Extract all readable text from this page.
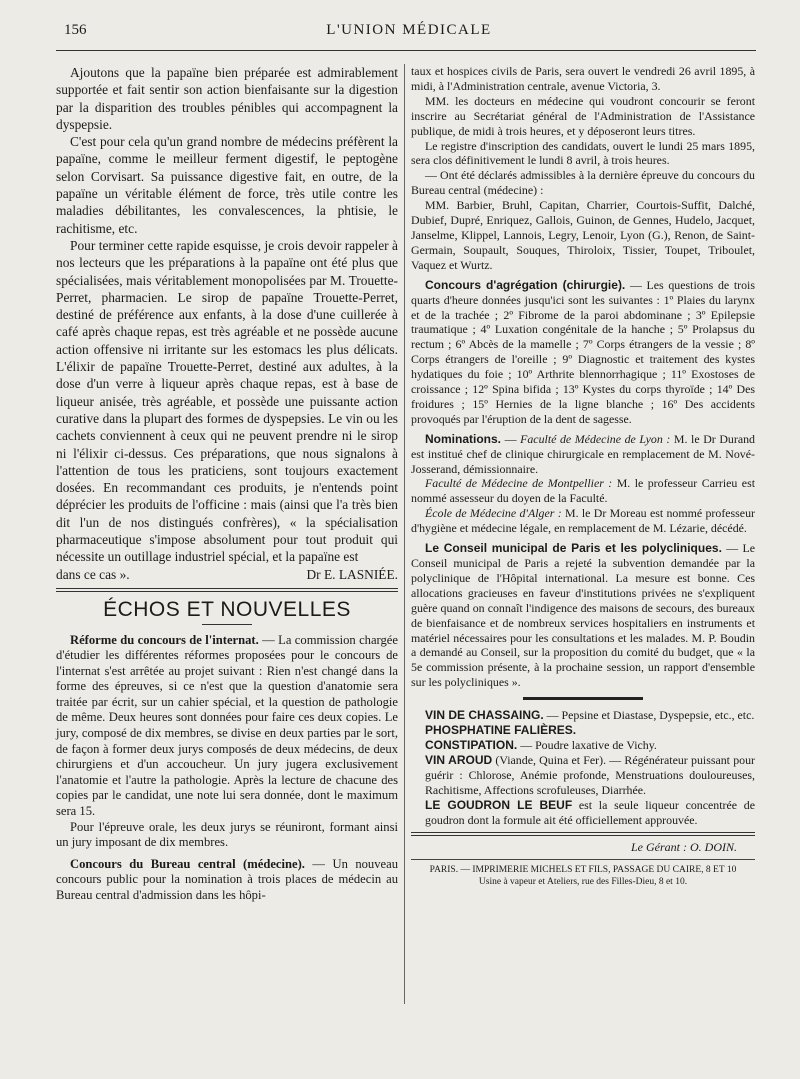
156	L'UNION MÉDICALE

Ajoutons que la papaïne bien préparée est admirablement supportée et fait sentir son action bienfaisante sur la digestion par la disparition des troubles pénibles qui accompagnent la dyspepsie.

C'est pour cela qu'un grand nombre de médecins préfèrent la papaïne, comme le meilleur ferment digestif, le peptogène selon Corvisart. Sa puissance digestive fait, en outre, de la papaïne un véritable élément de force, très utile contre les maladies débilitantes, les convalescences, la phtisie, le rachitisme, etc.

Pour terminer cette rapide esquisse, je crois devoir rappeler à nos lecteurs que les préparations à la papaïne ont été plus que spécialisées, mais véritablement monopolisées par M. Trouette-Perret, pharmacien. Le sirop de papaïne Trouette-Perret, destiné de préférence aux enfants, à la dose d'une cuillerée à café après chaque repas, est très agréable et ne possède aucune action offensive ni irritante sur les estomacs les plus délicats. L'élixir de papaïne Trouette-Perret, destiné aux adultes, à la dose d'un verre à liqueur après chaque repas, est à base de liqueur anisée, très agréable, et possède une puissante action curative dans la plupart des formes de dyspepsies. Le vin ou les cachets conviennent à ceux qui ne peuvent prendre ni le sirop ni l'élixir ci-dessus. Ces préparations, que nous signalons à l'attention de tous les praticiens, sont toujours exactement dosées. En recommandant ces produits, je n'entends point déprécier les produits de l'officine : mais (ainsi que l'a très bien dit l'un de nos distingués confrères), « la spécialisation pharmaceutique s'impose absolument pour tout produit qui nécessite un outillage industriel spécial, et la papaïne est

dans ce cas ».	Dr E. LASNIÉE.

ÉCHOS ET NOUVELLES

Réforme du concours de l'internat. — La commission chargée d'étudier les différentes réformes proposées pour le concours de l'internat s'est arrêtée au projet suivant : Rien n'est changé dans la forme des épreuves, si ce n'est que la question d'anatomie sera traitée par écrit, sur un cahier spécial, et la question de pathologie de même. Deux heures sont données pour faire ces deux copies. Le jury, composé de dix membres, se divise en deux parties par le sort, de façon à former deux jurys composés de deux médecins, de deux chirurgiens et d'un accoucheur. Un jury jugera exclusivement l'anatomie et l'autre la pathologie. Après la lecture de chacune des copies par le candidat, une note lui sera donnée, dont le maximum sera 15.

Pour l'épreuve orale, les deux jurys se réuniront, formant ainsi un jury imposant de dix membres.

Concours du Bureau central (médecine). — Un nouveau concours public pour la nomination à trois places de médecin au Bureau central d'admission dans les hôpi-

taux et hospices civils de Paris, sera ouvert le vendredi 26 avril 1895, à midi, à l'Administration centrale, avenue Victoria, 3.

MM. les docteurs en médecine qui voudront concourir se feront inscrire au Secrétariat général de l'Administration de l'Assistance publique, de midi à trois heures, et y déposeront leurs titres.

Le registre d'inscription des candidats, ouvert le lundi 25 mars 1895, sera clos définitivement le lundi 8 avril, à trois heures.

— Ont été déclarés admissibles à la dernière épreuve du concours du Bureau central (médecine) :

MM. Barbier, Bruhl, Capitan, Charrier, Courtois-Suffit, Dalché, Dubief, Dupré, Enriquez, Gallois, Guinon, de Gennes, Hudelo, Jacquet, Janselme, Klippel, Lannois, Legry, Lenoir, Lyon (G.), Renon, de Saint-Germain, Soupault, Souques, Thiroloix, Tissier, Toupet, Triboulet, Vaquez et Wurtz.

Concours d'agrégation (chirurgie). — Les questions de trois quarts d'heure données jusqu'ici sont les suivantes : 1º Plaies du larynx et de la trachée ; 2º Fibrome de la paroi abdominane ; 3º Epilepsie traumatique ; 4º Luxation congénitale de la hanche ; 5º Prolapsus du rectum ; 6º Abcès de la mamelle ; 7º Corps étrangers de la vessie ; 8º Corps étrangers de l'oreille ; 9º Diagnostic et traitement des kystes hydatiques du foie ; 10º Arthrite blennorrhagique ; 11º Exostoses de croissance ; 12º Spina bifida ; 13º Kystes du corps thyroïde ; 14º Des froidures ; 15º Hernies de la ligne blanche ; 16º Des accidents provoqués par l'éruption de la dent de sagesse.

Nominations. — Faculté de Médecine de Lyon : M. le Dr Durand est institué chef de clinique chirurgicale en remplacement de M. Nové-Josserand, démissionnaire.

Faculté de Médecine de Montpellier : M. le professeur Carrieu est nommé assesseur du doyen de la Faculté.

École de Médecine d'Alger : M. le Dr Moreau est nommé professeur d'hygiène et médecine légale, en remplacement de M. Lézarie, décédé.

Le Conseil municipal de Paris et les polycliniques. — Le Conseil municipal de Paris a rejeté la subvention demandée par la polyclinique de l'Hôpital international. La mesure est bonne. Ces allocations gracieuses en faveur d'institutions privées ne s'expliquent guère quand on connaît l'indigence des maisons de secours, des bureaux de bienfaisance et de nombreux services hospitaliers en instruments et matériel nécessaires pour les consultations et les malades. M. P. Boudin a demandé au Conseil, sur la proposition du comité du budget, que « la 5e commission présente, à la prochaine session, un rapport d'ensemble sur les polycliniques ».

VIN DE CHASSAING. — Pepsine et Diastase, Dyspepsie, etc., etc.

PHOSPHATINE FALIÈRES.

CONSTIPATION. — Poudre laxative de Vichy.

VIN AROUD (Viande, Quina et Fer). — Régénérateur puissant pour guérir : Chlorose, Anémie profonde, Menstruations douloureuses, Rachitisme, Affections scrofuleuses, Diarrhée.

LE GOUDRON LE BEUF est la seule liqueur concentrée de goudron dont la formule ait été officiellement approuvée.

Le Gérant : O. DOIN.
PARIS. — IMPRIMERIE MICHELS ET FILS, PASSAGE DU CAIRE, 8 ET 10
Usine à vapeur et Ateliers, rue des Filles-Dieu, 8 et 10.
